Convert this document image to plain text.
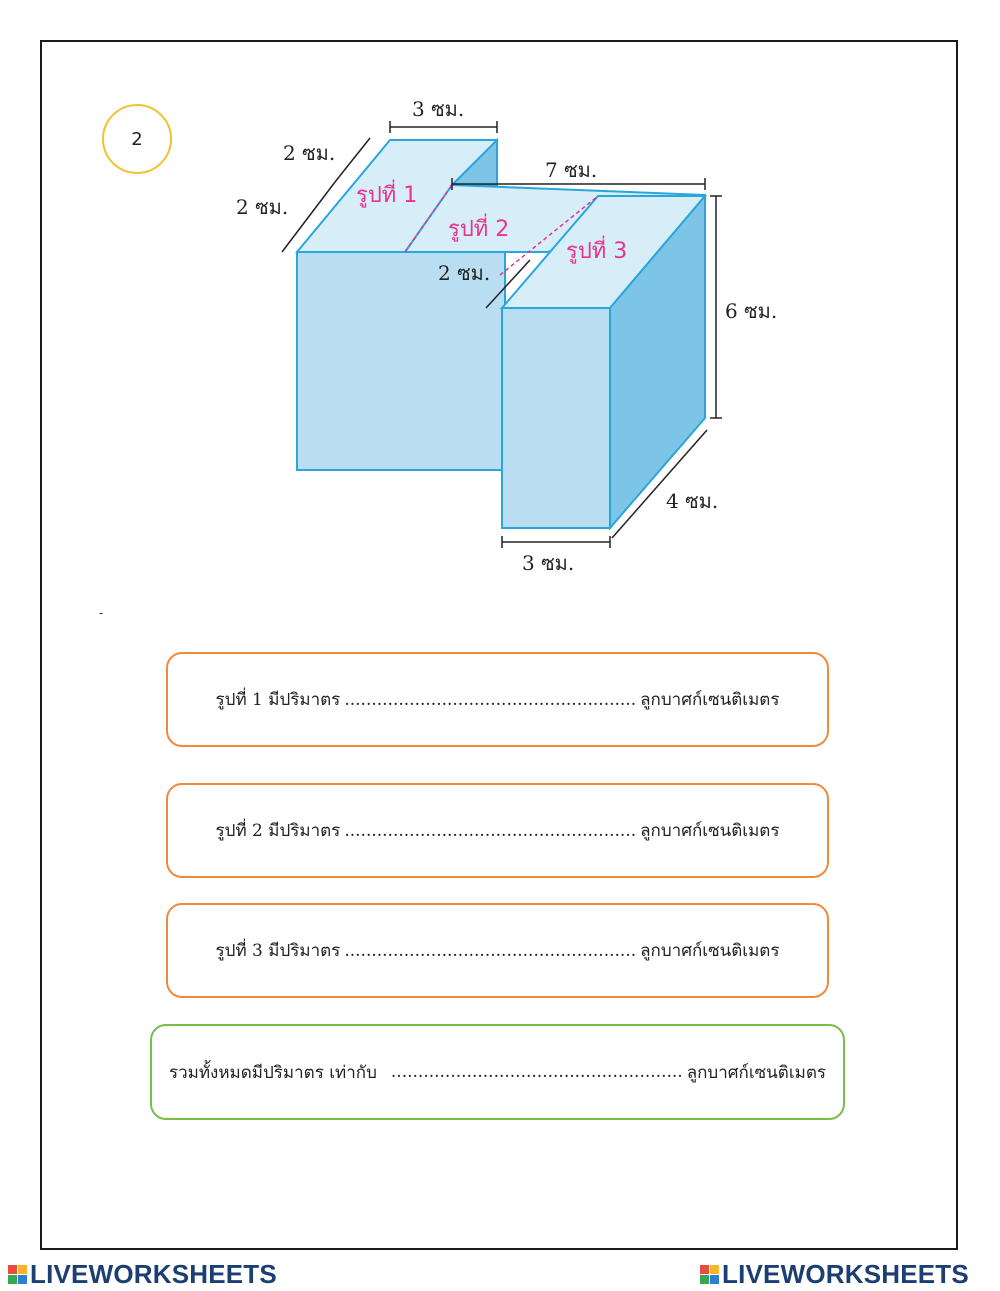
2
3 ซม.
2 ซม.
2 ซม.
7 ซม.
2 ซม.
6 ซม.
4 ซม.
3 ซม.
รูปที่ 1
รูปที่ 2
รูปที่ 3
-
รูปที่ 1 มีปริมาตร ...................................................... ลูกบาศก์เซนติเมตร
รูปที่ 2 มีปริมาตร ...................................................... ลูกบาศก์เซนติเมตร
รูปที่ 3 มีปริมาตร ...................................................... ลูกบาศก์เซนติเมตร
รวมทั้งหมดมีปริมาตร เท่ากับ ...................................................... ลูกบาศก์เซนติเมตร
LIVEWORKSHEETS	LIVEWORKSHEETS
